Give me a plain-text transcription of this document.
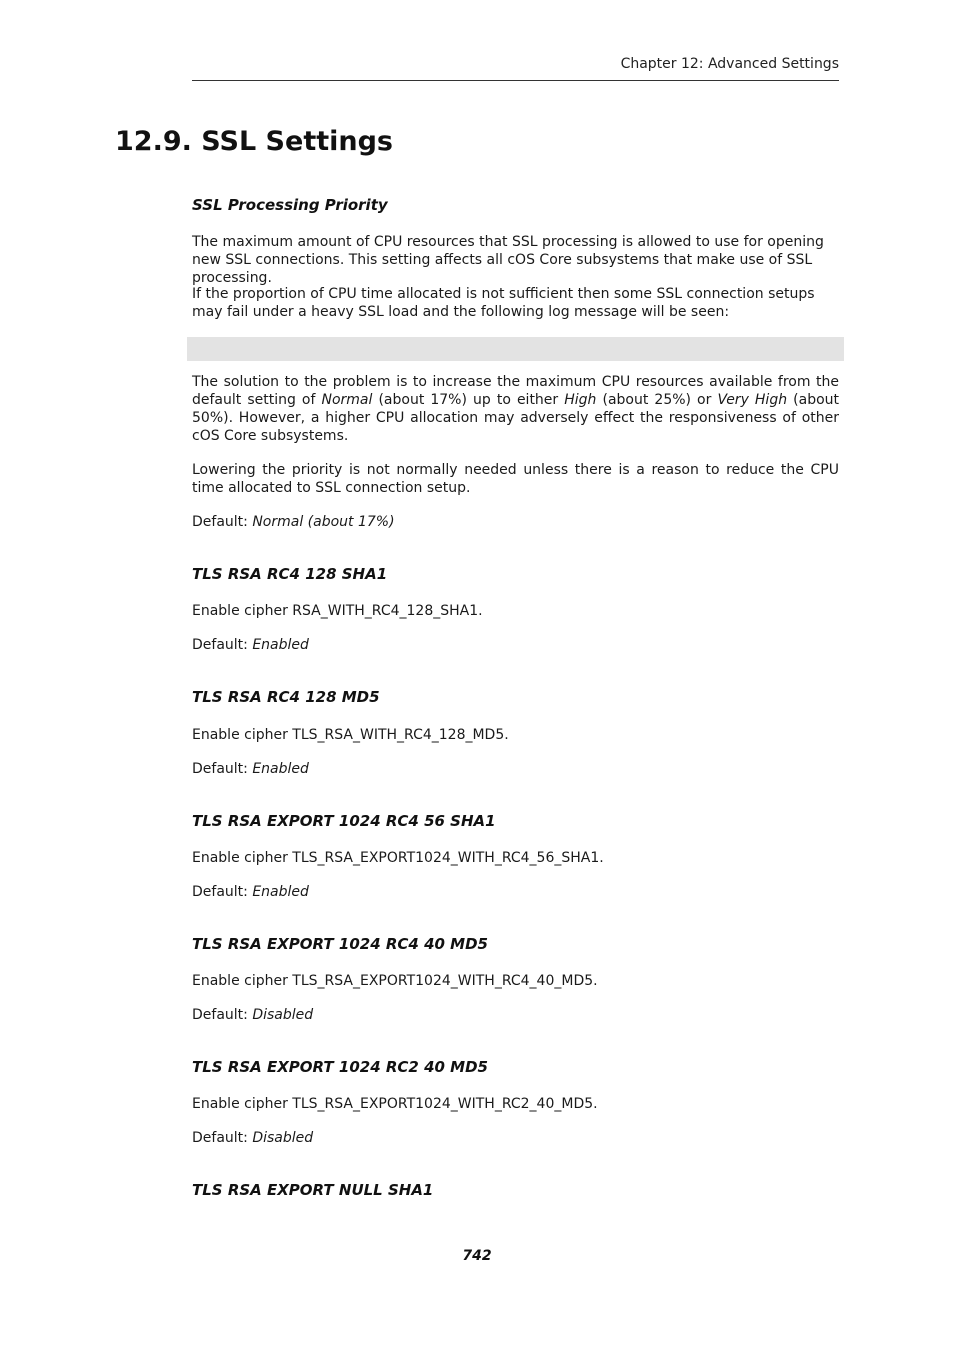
Chapter 12: Advanced Settings
12.9. SSL Settings
SSL Processing Priority

The maximum amount of CPU resources that SSL processing is allowed to use for opening new SSL connections. This setting affects all cOS Core subsystems that make use of SSL processing.

If the proportion of CPU time allocated is not sufficient then some SSL connection setups may fail under a heavy SSL load and the following log message will be seen:

The solution to the problem is to increase the maximum CPU resources available from the default setting of Normal (about 17%) up to either High (about 25%) or Very High (about 50%). However, a higher CPU allocation may adversely effect the responsiveness of other cOS Core subsystems.

Lowering the priority is not normally needed unless there is a reason to reduce the CPU time allocated to SSL connection setup.

Default: Normal (about 17%)

TLS RSA RC4 128 SHA1

Enable cipher RSA_WITH_RC4_128_SHA1.

Default: Enabled

TLS RSA RC4 128 MD5

Enable cipher TLS_RSA_WITH_RC4_128_MD5.

Default: Enabled

TLS RSA EXPORT 1024 RC4 56 SHA1

Enable cipher TLS_RSA_EXPORT1024_WITH_RC4_56_SHA1.

Default: Enabled

TLS RSA EXPORT 1024 RC4 40 MD5

Enable cipher TLS_RSA_EXPORT1024_WITH_RC4_40_MD5.

Default: Disabled

TLS RSA EXPORT 1024 RC2 40 MD5

Enable cipher TLS_RSA_EXPORT1024_WITH_RC2_40_MD5.

Default: Disabled

TLS RSA EXPORT NULL SHA1
742
